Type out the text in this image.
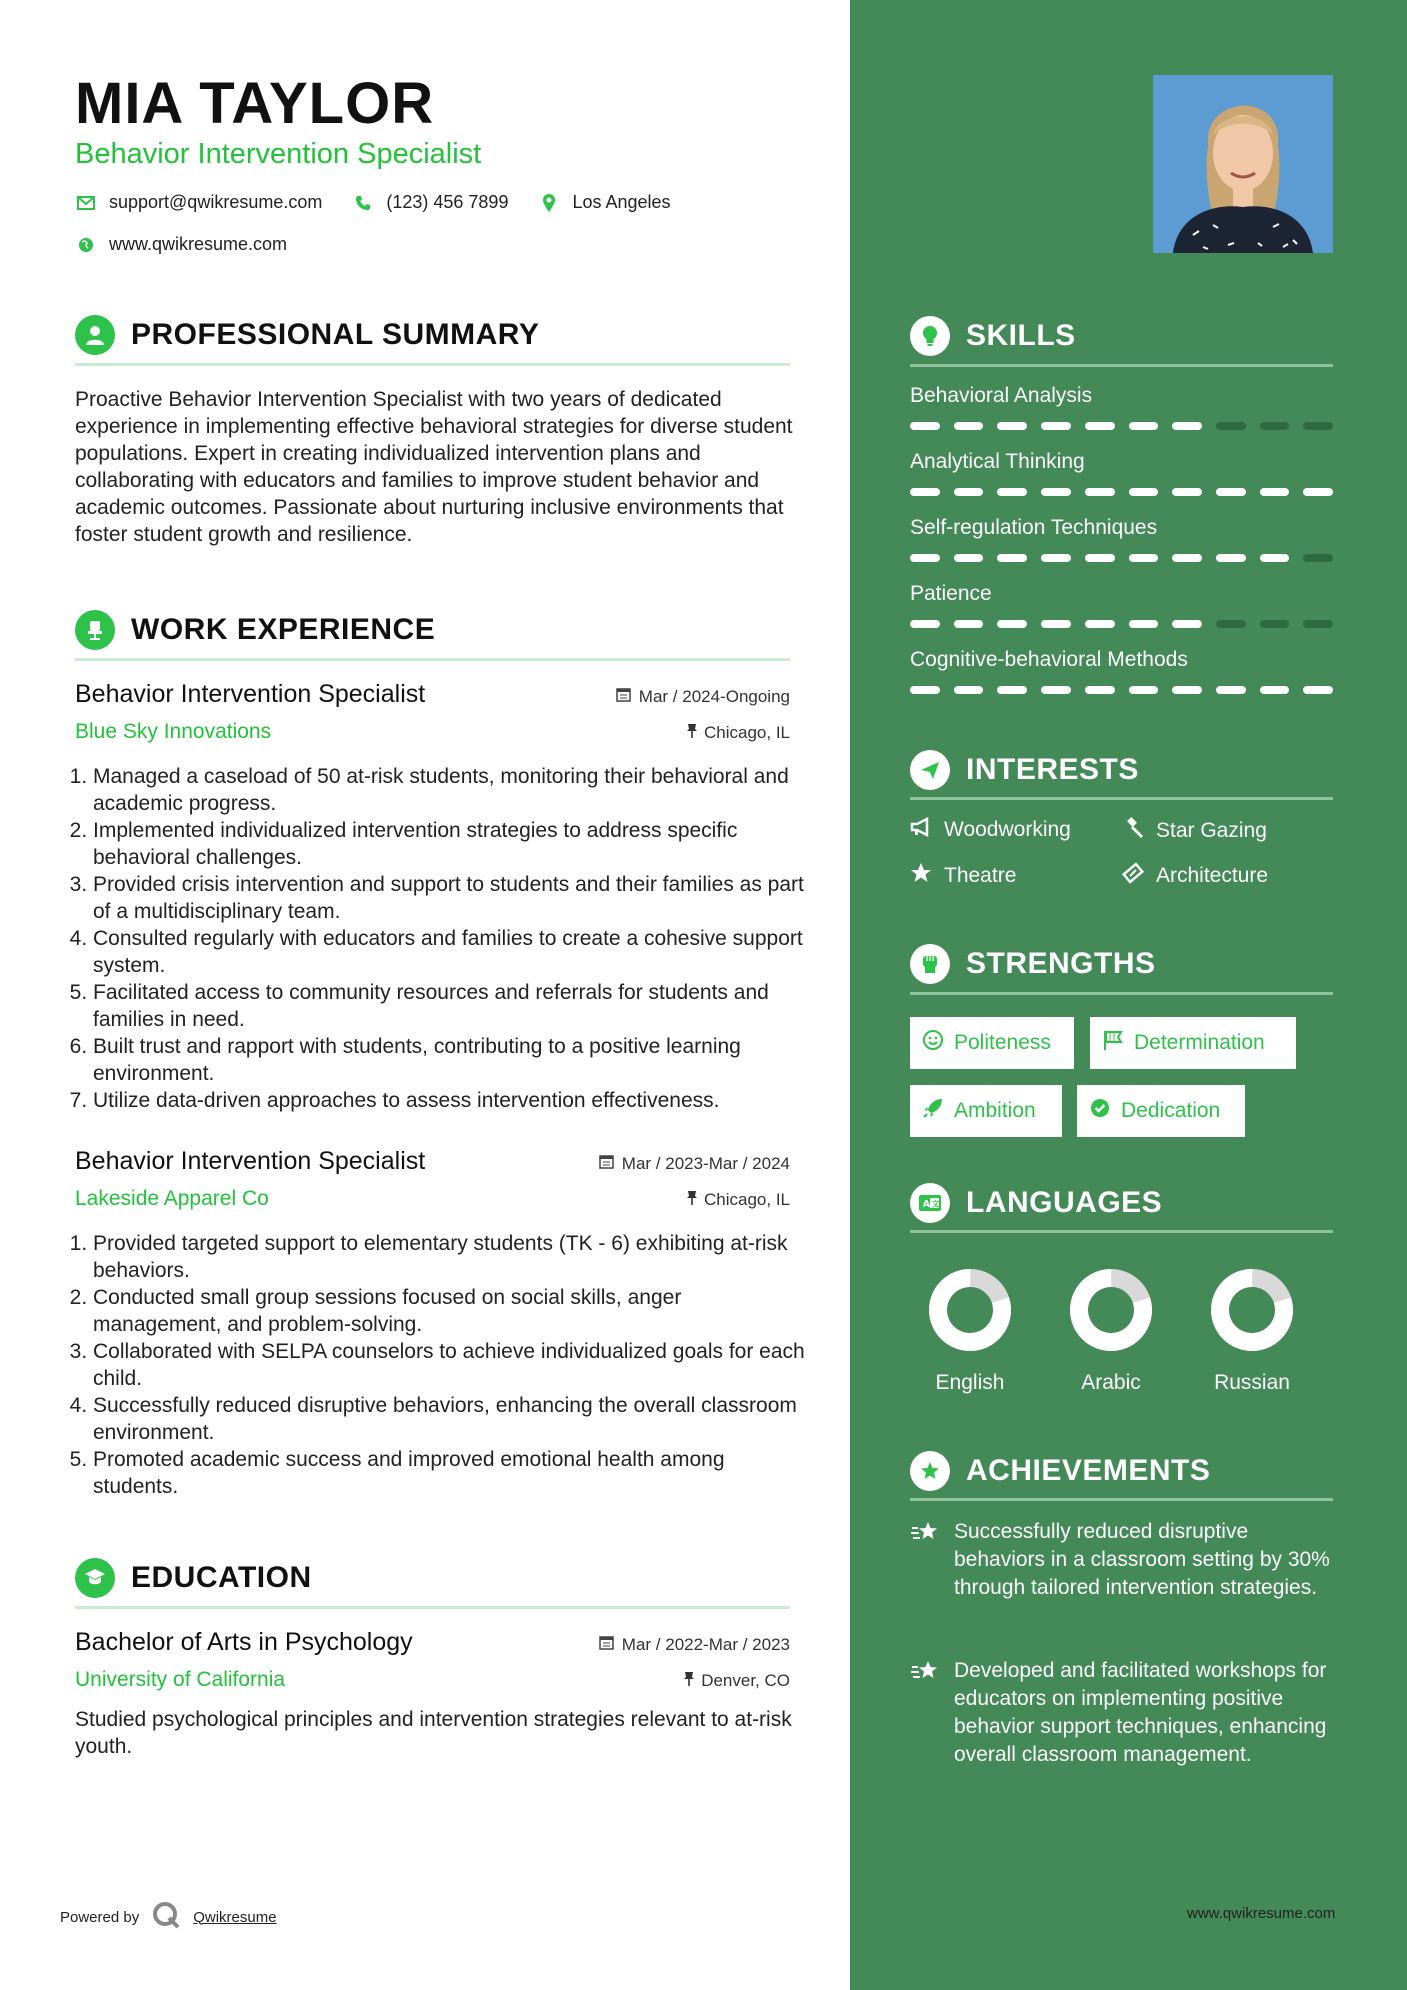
MIA TAYLOR
Behavior Intervention Specialist
support@qwikresume.com	(123) 456 7899	Los Angeles
www.qwikresume.com
PROFESSIONAL SUMMARY

Proactive Behavior Intervention Specialist with two years of dedicated experience in implementing effective behavioral strategies for diverse student populations. Expert in creating individualized intervention plans and collaborating with educators and families to improve student behavior and academic outcomes. Passionate about nurturing inclusive environments that foster student growth and resilience.

WORK EXPERIENCE
Behavior Intervention Specialist	Mar / 2024-Ongoing
Blue Sky Innovations	Chicago, IL
1. Managed a caseload of 50 at-risk students, monitoring their behavioral and academic progress.
2. Implemented individualized intervention strategies to address specific behavioral challenges.
3. Provided crisis intervention and support to students and their families as part of a multidisciplinary team.
4. Consulted regularly with educators and families to create a cohesive support system.
5. Facilitated access to community resources and referrals for students and families in need.
6. Built trust and rapport with students, contributing to a positive learning environment.
7. Utilize data-driven approaches to assess intervention effectiveness.
Behavior Intervention Specialist	Mar / 2023-Mar / 2024
Lakeside Apparel Co	Chicago, IL
1. Provided targeted support to elementary students (TK - 6) exhibiting at-risk behaviors.
2. Conducted small group sessions focused on social skills, anger management, and problem-solving.
3. Collaborated with SELPA counselors to achieve individualized goals for each child.
4. Successfully reduced disruptive behaviors, enhancing the overall classroom environment.
5. Promoted academic success and improved emotional health among students.
EDUCATION
Bachelor of Arts in Psychology	Mar / 2022-Mar / 2023
University of California	Denver, CO

Studied psychological principles and intervention strategies relevant to at-risk youth.

Powered by	Qwikresume
SKILLS
Behavioral Analysis
Analytical Thinking
Self-regulation Techniques
Patience
Cognitive-behavioral Methods
INTERESTS
Woodworking	Star Gazing
Theatre	Architecture
STRENGTHS
Politeness	Determination
Ambition	Dedication
A 文 LANGUAGES
English	Arabic	Russian
ACHIEVEMENTS
Successfully reduced disruptive behaviors in a classroom setting by 30% through tailored intervention strategies.
Developed and facilitated workshops for educators on implementing positive behavior support techniques, enhancing overall classroom management.
www.qwikresume.com
